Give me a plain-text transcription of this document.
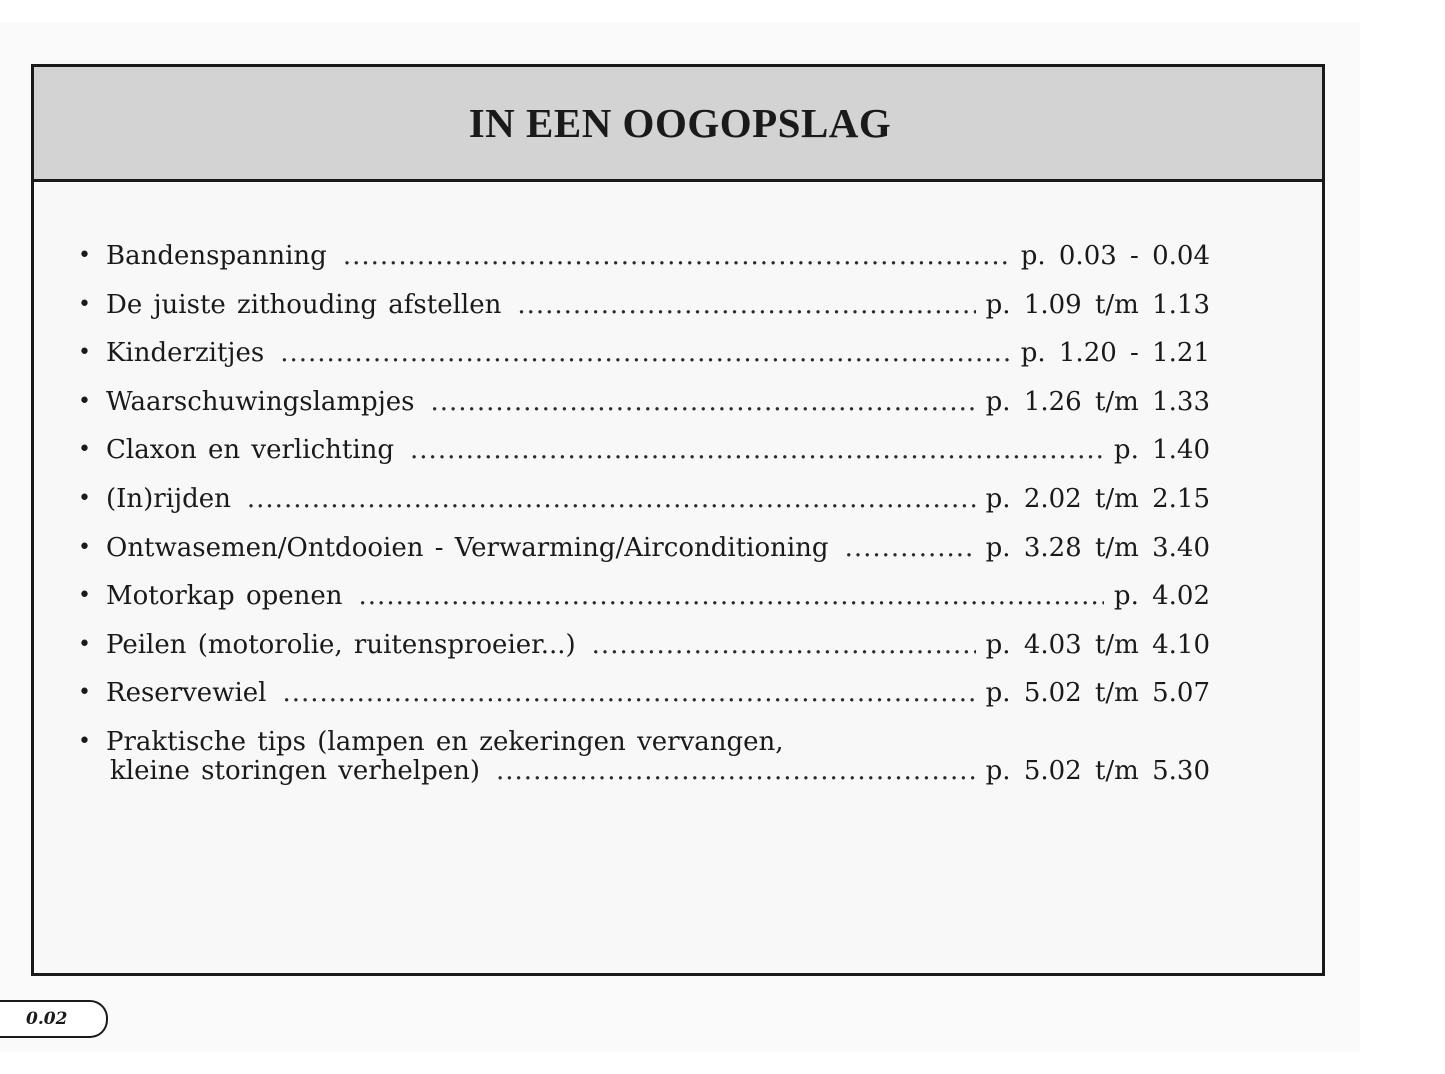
IN EEN OOGOPSLAG
• Bandenspanning .....	p. 0.03 - 0.04
• De juiste zithouding afstellen .....	p. 1.09 t/m 1.13
• Kinderzitjes .....	p. 1.20 - 1.21
• Waarschuwingslampjes .....	p. 1.26 t/m 1.33
• Claxon en verlichting .....	p. 1.40
• (In)rijden .....	p. 2.02 t/m 2.15
• Ontwasemen/Ontdooien - Verwarming/Airconditioning .....	p. 3.28 t/m 3.40
• Motorkap openen .....	p. 4.02
• Peilen (motorolie, ruitensproeier...) .....	p. 4.03 t/m 4.10
• Reservewiel .....	p. 5.02 t/m 5.07
• Praktische tips (lampen en zekeringen vervangen,
kleine storingen verhelpen) .....	p. 5.02 t/m 5.30
0.02
